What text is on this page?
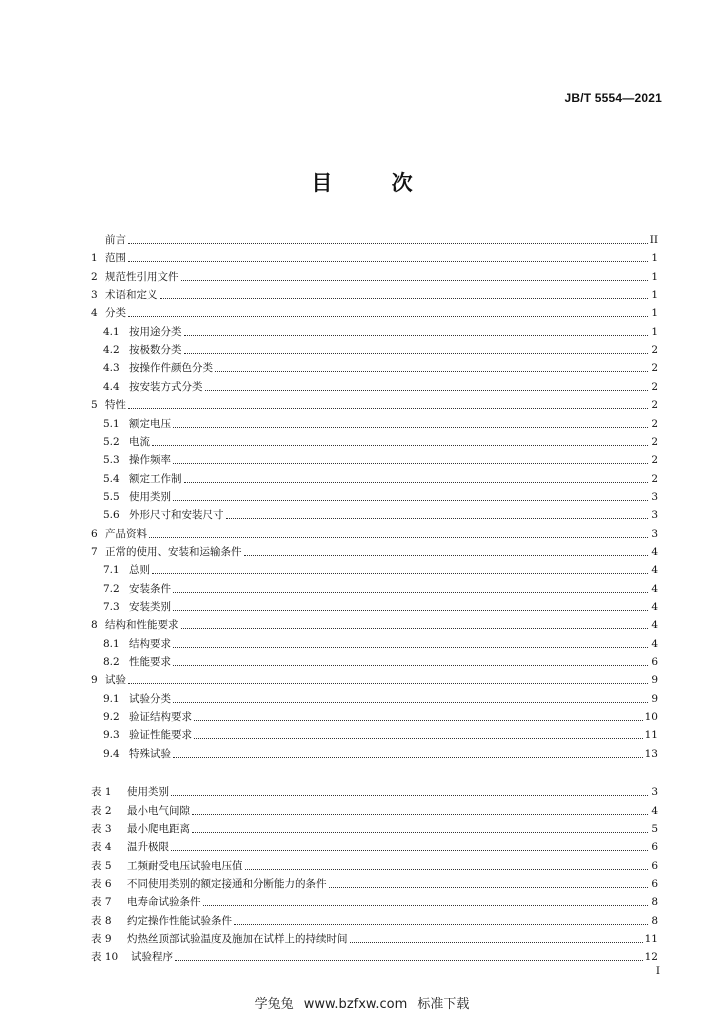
JB/T 5554—2021
目 次
前言	II
1 范围	1
2 规范性引用文件	1
3 术语和定义	1
4 分类	1
4.1 按用途分类	1
4.2 按极数分类	2
4.3 按操作件颜色分类	2
4.4 按安装方式分类	2
5 特性	2
5.1 额定电压	2
5.2 电流	2
5.3 操作频率	2
5.4 额定工作制	2
5.5 使用类别	3
5.6 外形尺寸和安装尺寸	3
6 产品资料	3
7 正常的使用、安装和运输条件	4
7.1 总则	4
7.2 安装条件	4
7.3 安装类别	4
8 结构和性能要求	4
8.1 结构要求	4
8.2 性能要求	6
9 试验	9
9.1 试验分类	9
9.2 验证结构要求	10
9.3 验证性能要求	11
9.4 特殊试验	13
表 1	使用类别	3
表 2	最小电气间隙	4
表 3	最小爬电距离	5
表 4	温升极限	6
表 5	工频耐受电压试验电压值	6
表 6	不同使用类别的额定接通和分断能力的条件	6
表 7	电寿命试验条件	8
表 8	约定操作性能试验条件	8
表 9	灼热丝顶部试验温度及施加在试样上的持续时间	11
表 10	试验程序	12
I
学兔兔 www.bzfxw.com 标准下载
